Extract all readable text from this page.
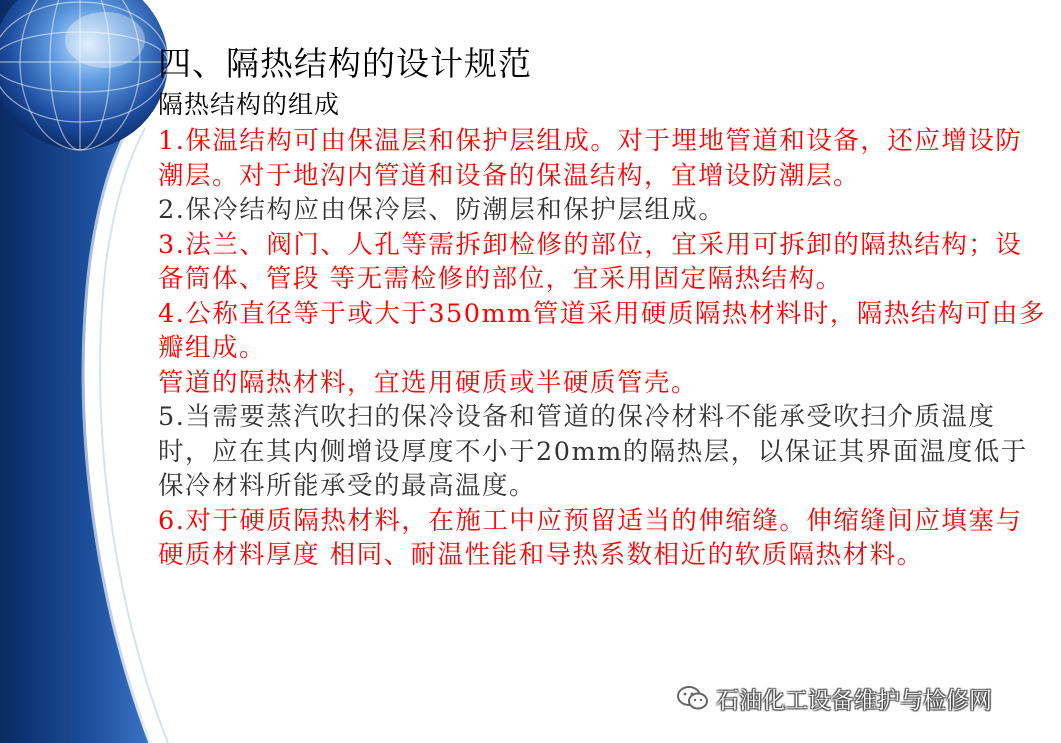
四、隔热结构的设计规范

隔热结构的组成

1.保温结构可由保温层和保护层组成。对于埋地管道和设备，还应增设防潮层。对于地沟内管道和设备的保温结构，宜增设防潮层。

2.保冷结构应由保冷层、防潮层和保护层组成。

3.法兰、阀门、人孔等需拆卸检修的部位，宜采用可拆卸的隔热结构；设备筒体、管段 等无需检修的部位，宜采用固定隔热结构。

4.公称直径等于或大于350mm管道采用硬质隔热材料时，隔热结构可由多瓣组成。

管道的隔热材料，宜选用硬质或半硬质管壳。

5.当需要蒸汽吹扫的保冷设备和管道的保冷材料不能承受吹扫介质温度时，应在其内侧增设厚度不小于20mm的隔热层，以保证其界面温度低于保冷材料所能承受的最高温度。

6.对于硬质隔热材料，在施工中应预留适当的伸缩缝。伸缩缝间应填塞与硬质材料厚度 相同、耐温性能和导热系数相近的软质隔热材料。

石油化工设备维护与检修网
